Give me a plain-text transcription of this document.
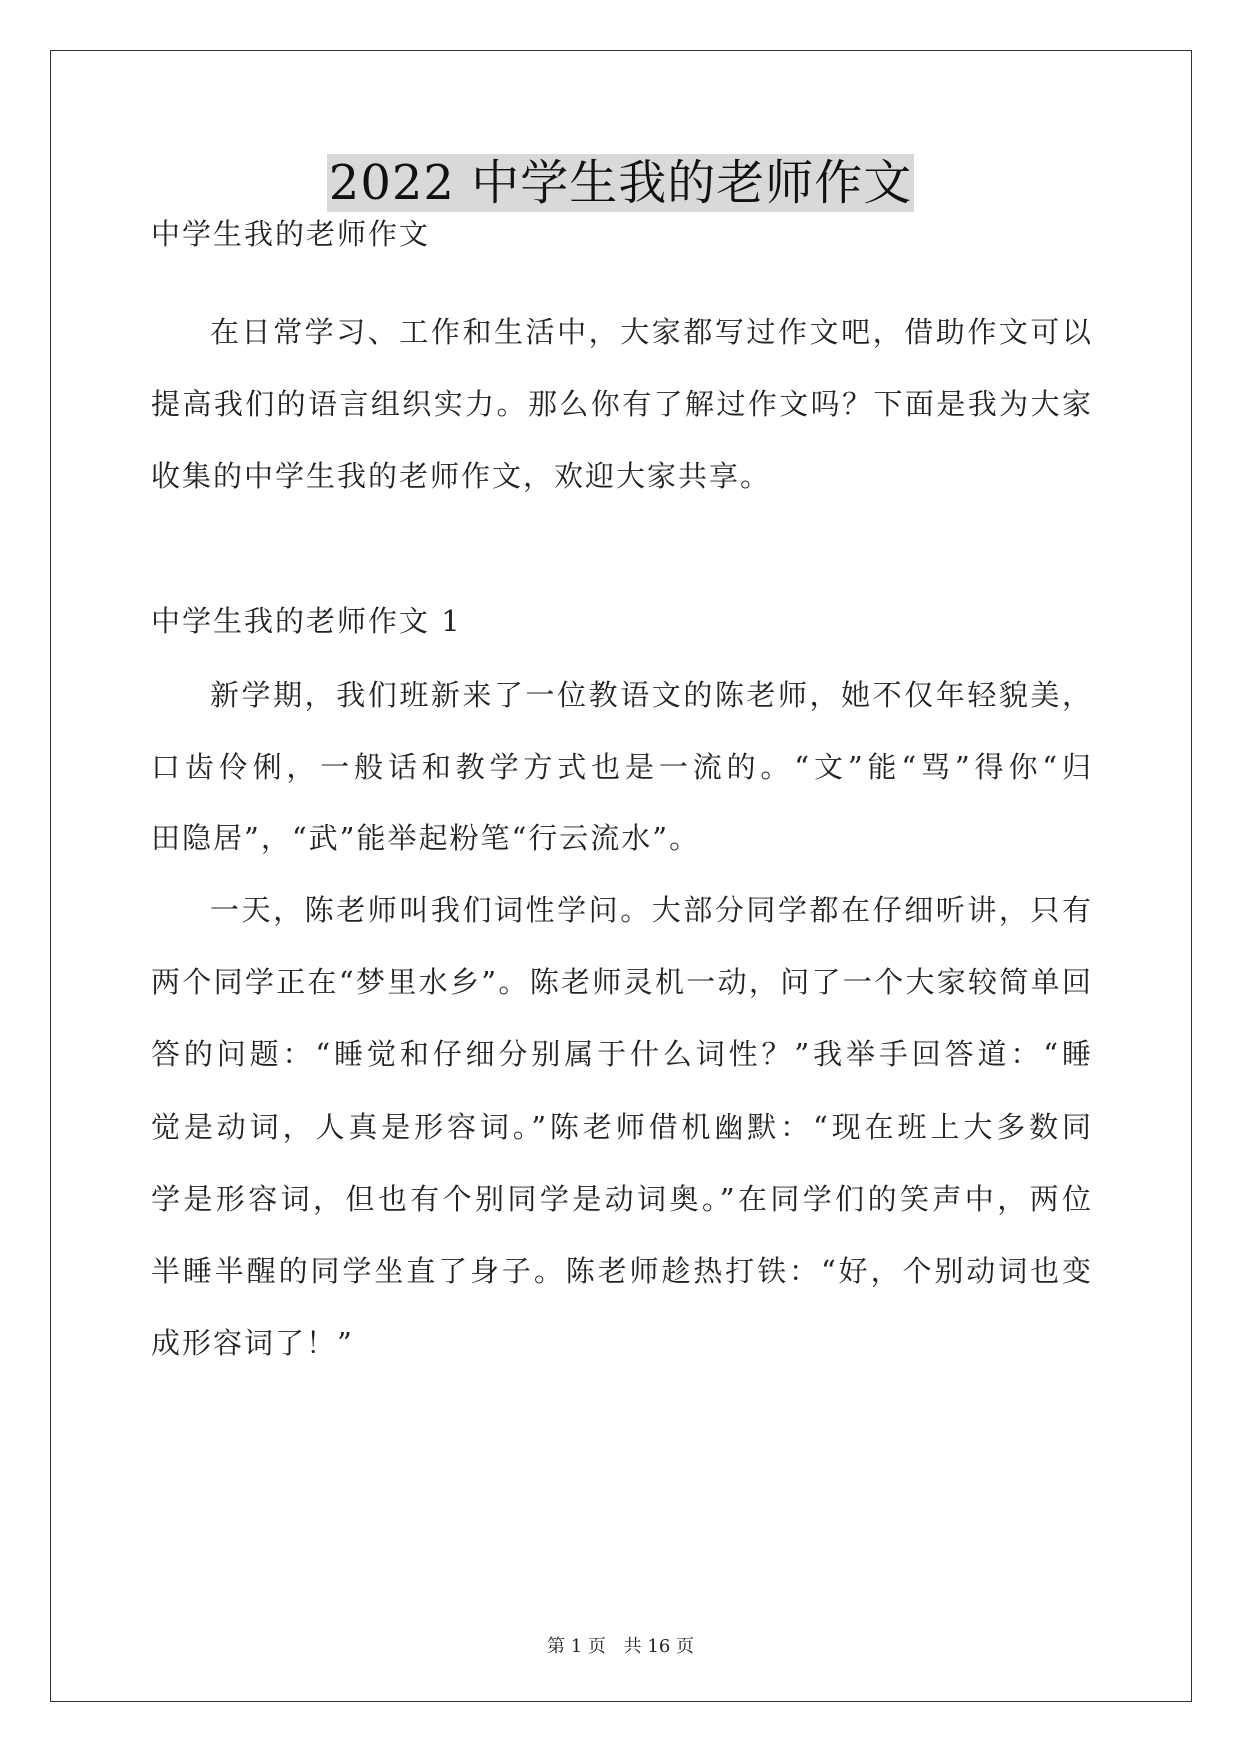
2022 中学生我的老师作文
中学生我的老师作文
在日常学习、工作和生活中，大家都写过作文吧，借助作文可以
提高我们的语言组织实力。那么你有了解过作文吗？下面是我为大家
收集的中学生我的老师作文，欢迎大家共享。
中学生我的老师作文 1
新学期，我们班新来了一位教语文的陈老师，她不仅年轻貌美，
口齿伶俐，一般话和教学方式也是一流的。“文”能“骂”得你“归
田隐居”，“武”能举起粉笔“行云流水”。
一天，陈老师叫我们词性学问。大部分同学都在仔细听讲，只有
两个同学正在“梦里水乡”。陈老师灵机一动，问了一个大家较简单回
答的问题：“睡觉和仔细分别属于什么词性？”我举手回答道：“睡
觉是动词，人真是形容词。”陈老师借机幽默：“现在班上大多数同
学是形容词，但也有个别同学是动词奥。”在同学们的笑声中，两位
半睡半醒的同学坐直了身子。陈老师趁热打铁：“好，个别动词也变
成形容词了！”
第 1 页 共 16 页
